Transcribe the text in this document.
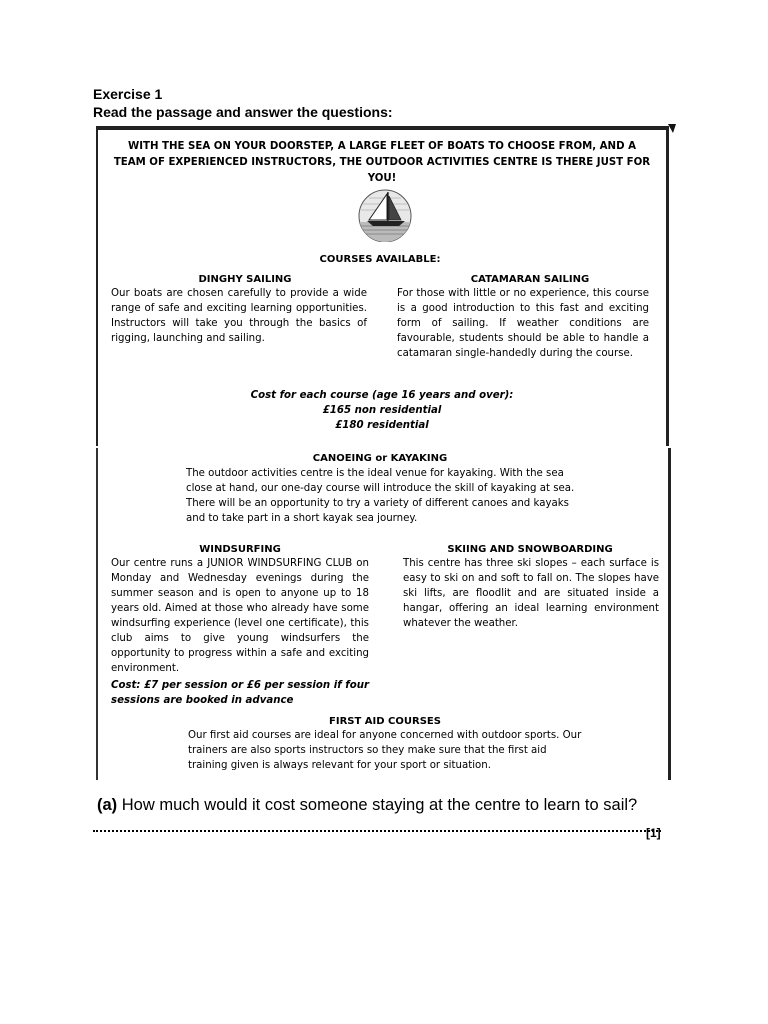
Exercise 1
Read the passage and answer the questions:
WITH THE SEA ON YOUR DOORSTEP, A LARGE FLEET OF BOATS TO CHOOSE FROM, AND A TEAM OF EXPERIENCED INSTRUCTORS, THE OUTDOOR ACTIVITIES CENTRE IS THERE JUST FOR YOU!
COURSES AVAILABLE:
DINGHY SAILING
Our boats are chosen carefully to provide a wide range of safe and exciting learning opportunities. Instructors will take you through the basics of rigging, launching and sailing.
CATAMARAN SAILING
For those with little or no experience, this course is a good introduction to this fast and exciting form of sailing. If weather conditions are favourable, students should be able to handle a catamaran single-handedly during the course.
Cost for each course (age 16 years and over):
£165 non residential
£180 residential
CANOEING or KAYAKING
The outdoor activities centre is the ideal venue for kayaking. With the sea close at hand, our one-day course will introduce the skill of kayaking at sea. There will be an opportunity to try a variety of different canoes and kayaks and to take part in a short kayak sea journey.
WINDSURFING
Our centre runs a JUNIOR WINDSURFING CLUB on Monday and Wednesday evenings during the summer season and is open to anyone up to 18 years old. Aimed at those who already have some windsurfing experience (level one certificate), this club aims to give young windsurfers the opportunity to progress within a safe and exciting environment.
Cost: £7 per session or £6 per session if four sessions are booked in advance
SKIING AND SNOWBOARDING
This centre has three ski slopes – each surface is easy to ski on and soft to fall on. The slopes have ski lifts, are floodlit and are situated inside a hangar, offering an ideal learning environment whatever the weather.
FIRST AID COURSES
Our first aid courses are ideal for anyone concerned with outdoor sports. Our trainers are also sports instructors so they make sure that the first aid training given is always relevant for your sport or situation.
(a) How much would it cost someone staying at the centre to learn to sail?
[1]
